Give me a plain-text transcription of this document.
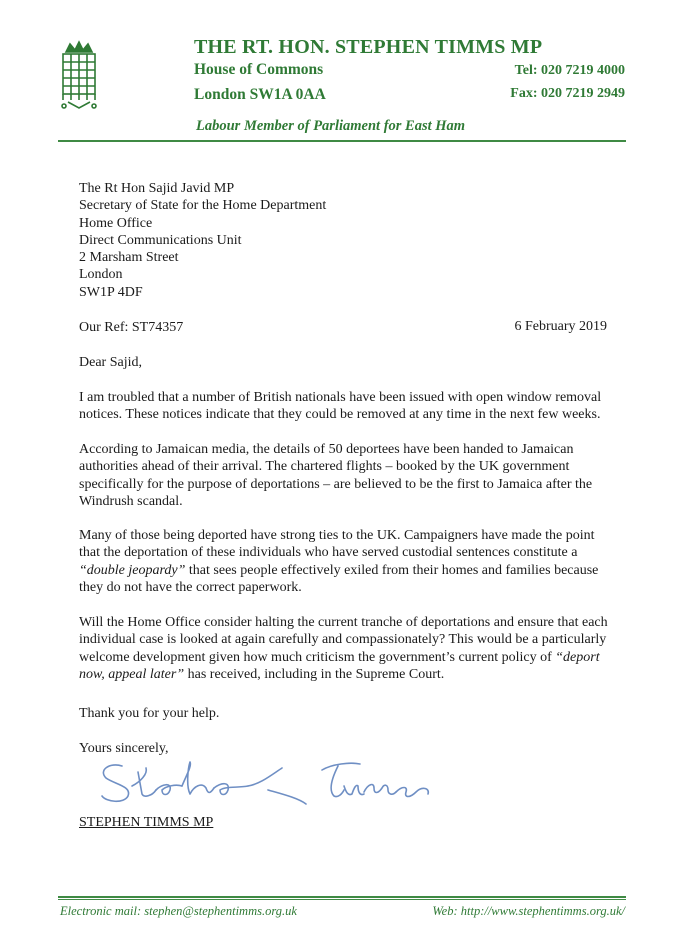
THE RT. HON. STEPHEN TIMMS MP
House of Commons
London SW1A 0AA
Tel: 020 7219 4000
Fax: 020 7219 2949
Labour Member of Parliament for East Ham
The Rt Hon Sajid Javid MP
Secretary of State for the Home Department
Home Office
Direct Communications Unit
2 Marsham Street
London
SW1P 4DF
Our Ref: ST74357	6 February 2019
Dear Sajid,
I am troubled that a number of British nationals have been issued with open window removal notices. These notices indicate that they could be removed at any time in the next few weeks.
According to Jamaican media, the details of 50 deportees have been handed to Jamaican authorities ahead of their arrival. The chartered flights – booked by the UK government specifically for the purpose of deportations – are believed to be the first to Jamaica after the Windrush scandal.
Many of those being deported have strong ties to the UK. Campaigners have made the point that the deportation of these individuals who have served custodial sentences constitute a “double jeopardy” that sees people effectively exiled from their homes and families because they do not have the correct paperwork.
Will the Home Office consider halting the current tranche of deportations and ensure that each individual case is looked at again carefully and compassionately? This would be a particularly welcome development given how much criticism the government’s current policy of “deport now, appeal later” has received, including in the Supreme Court.
Thank you for your help.
Yours sincerely,
STEPHEN TIMMS MP
Electronic mail: stephen@stephentimms.org.uk	Web: http://www.stephentimms.org.uk/
